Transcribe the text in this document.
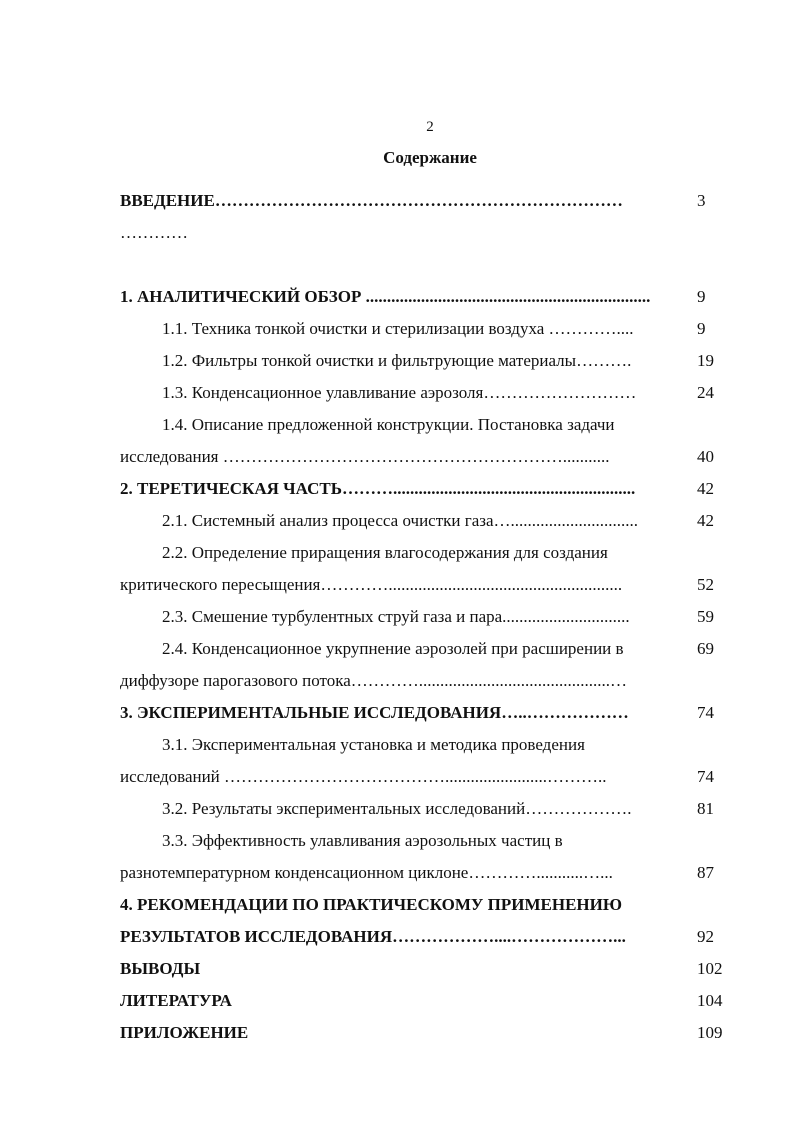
2
Содержание
ВВЕДЕНИЕ………………………………………………………………	3
…………
1. АНАЛИТИЧЕСКИЙ ОБЗОР ...................................................................	9
1.1. Техника тонкой очистки и стерилизации воздуха …………....	9
1.2. Фильтры тонкой очистки и фильтрующие материалы……….	19
1.3. Конденсационное улавливание аэрозоля………………………	24
1.4. Описание предложенной конструкции. Постановка задачи
исследования ……………………………………………………...........	40
2. ТЕРЕТИЧЕСКАЯ ЧАСТЬ……….........................................................	42
2.1. Системный анализ процесса очистки газа…..............................	42
2.2. Определение приращения влагосодержания для создания
критического пересыщения………….......................................................	52
2.3. Смешение турбулентных струй газа и пара..............................	59
2.4. Конденсационное укрупнение аэрозолей при расширении в	69
диффузоре парогазового потока………….............................................…
3. ЭКСПЕРИМЕНТАЛЬНЫЕ ИССЛЕДОВАНИЯ…..………………	74
3.1. Экспериментальная установка и методика проведения
исследований …………………………………........................………..	74
3.2. Результаты экспериментальных исследований……………….	81
3.3. Эффективность улавливания аэрозольных частиц в
разнотемпературном конденсационном циклоне…………...........…...	87
4. РЕКОМЕНДАЦИИ ПО ПРАКТИЧЕСКОМУ ПРИМЕНЕНИЮ
РЕЗУЛЬТАТОВ ИССЛЕДОВАНИЯ………………....………………...	92
ВЫВОДЫ	102
ЛИТЕРАТУРА	104
ПРИЛОЖЕНИЕ	109
